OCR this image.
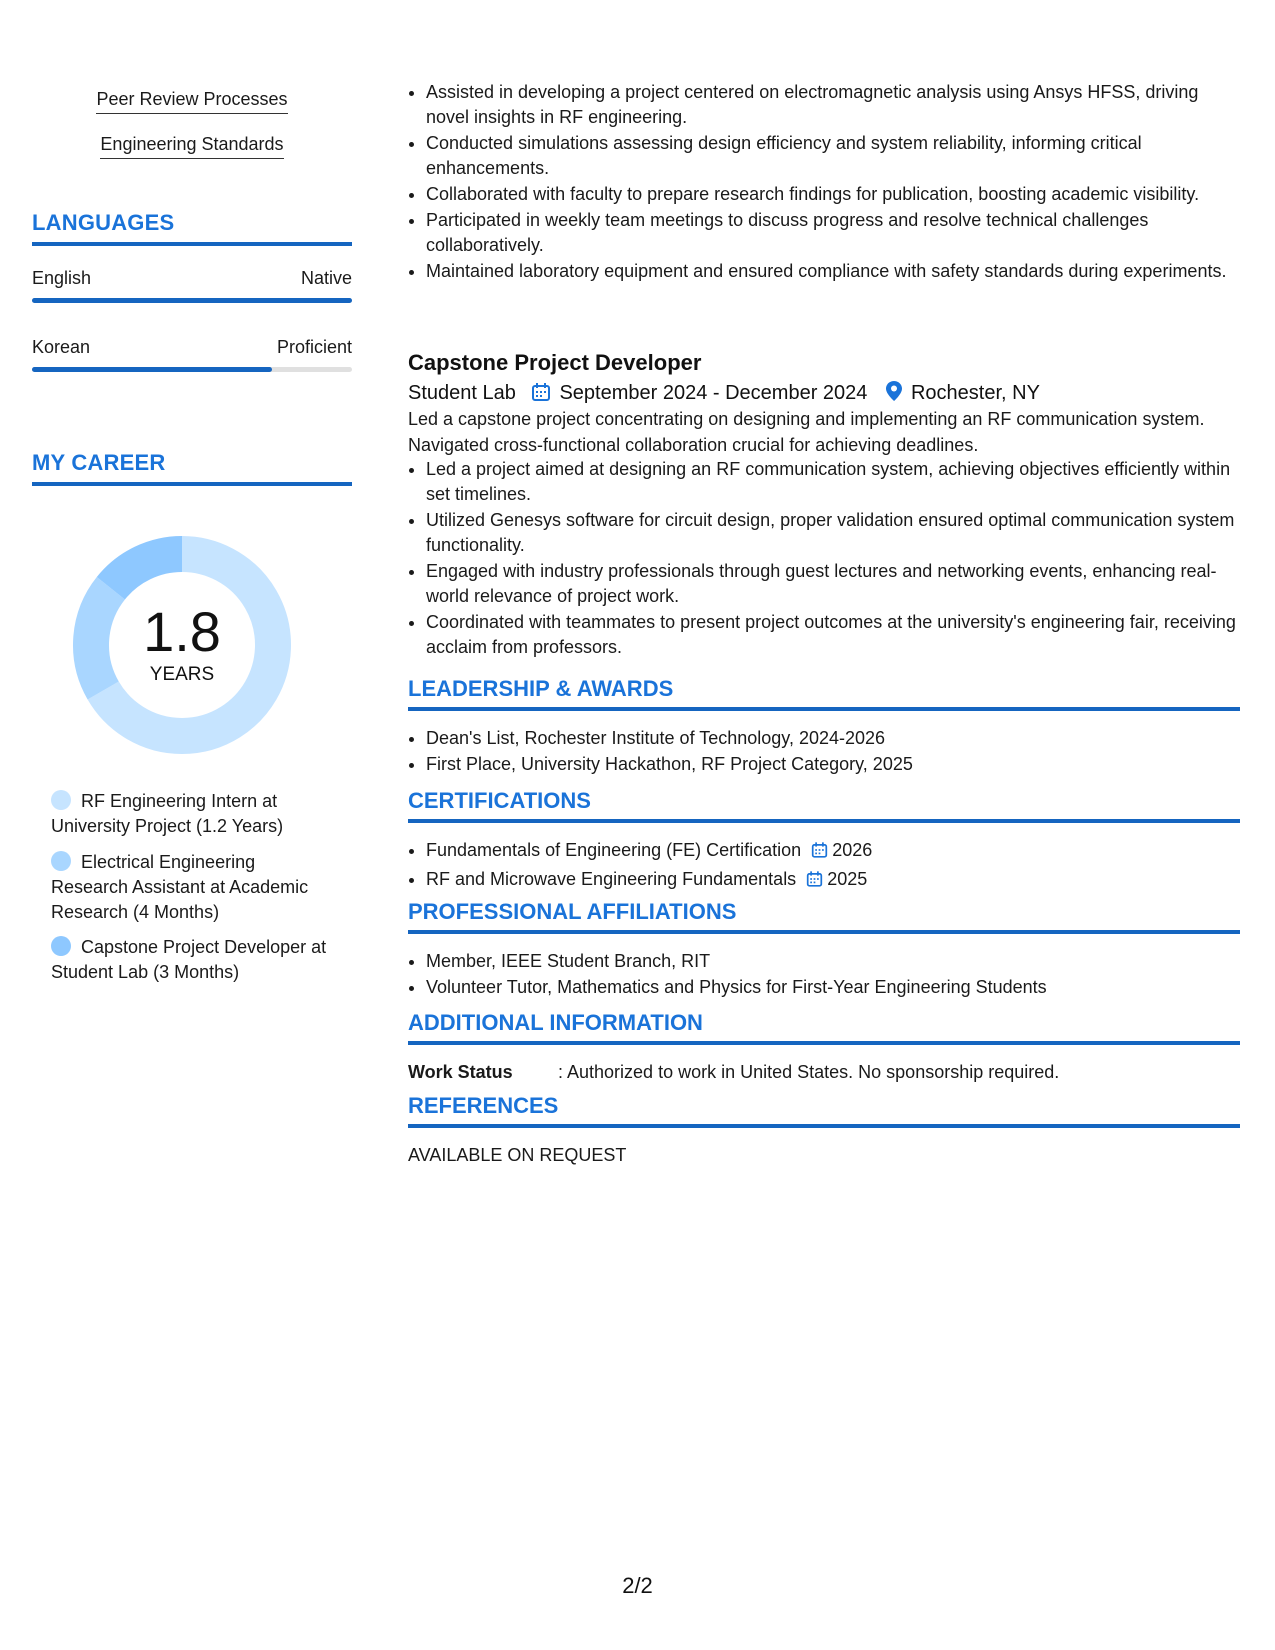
Peer Review Processes
Engineering Standards
LANGUAGES
English	Native
Korean	Proficient
MY CAREER
1.8
YEARS
RF Engineering Intern at University Project (1.2 Years)
Electrical Engineering Research Assistant at Academic Research (4 Months)
Capstone Project Developer at Student Lab (3 Months)
• Assisted in developing a project centered on electromagnetic analysis using Ansys HFSS, driving novel insights in RF engineering.
• Conducted simulations assessing design efficiency and system reliability, informing critical enhancements.
• Collaborated with faculty to prepare research findings for publication, boosting academic visibility.
• Participated in weekly team meetings to discuss progress and resolve technical challenges collaboratively.
• Maintained laboratory equipment and ensured compliance with safety standards during experiments.
Capstone Project Developer
Student Lab September 2024 - December 2024 Rochester, NY
Led a capstone project concentrating on designing and implementing an RF communication system. Navigated cross-functional collaboration crucial for achieving deadlines.
• Led a project aimed at designing an RF communication system, achieving objectives efficiently within set timelines.
• Utilized Genesys software for circuit design, proper validation ensured optimal communication system functionality.
• Engaged with industry professionals through guest lectures and networking events, enhancing real-world relevance of project work.
• Coordinated with teammates to present project outcomes at the university's engineering fair, receiving acclaim from professors.
LEADERSHIP & AWARDS
• Dean's List, Rochester Institute of Technology, 2024-2026
• First Place, University Hackathon, RF Project Category, 2025
CERTIFICATIONS
• Fundamentals of Engineering (FE) Certification 2026
• RF and Microwave Engineering Fundamentals 2025
PROFESSIONAL AFFILIATIONS
• Member, IEEE Student Branch, RIT
• Volunteer Tutor, Mathematics and Physics for First-Year Engineering Students
ADDITIONAL INFORMATION
Work Status	: Authorized to work in United States. No sponsorship required.
REFERENCES
AVAILABLE ON REQUEST
2/2
